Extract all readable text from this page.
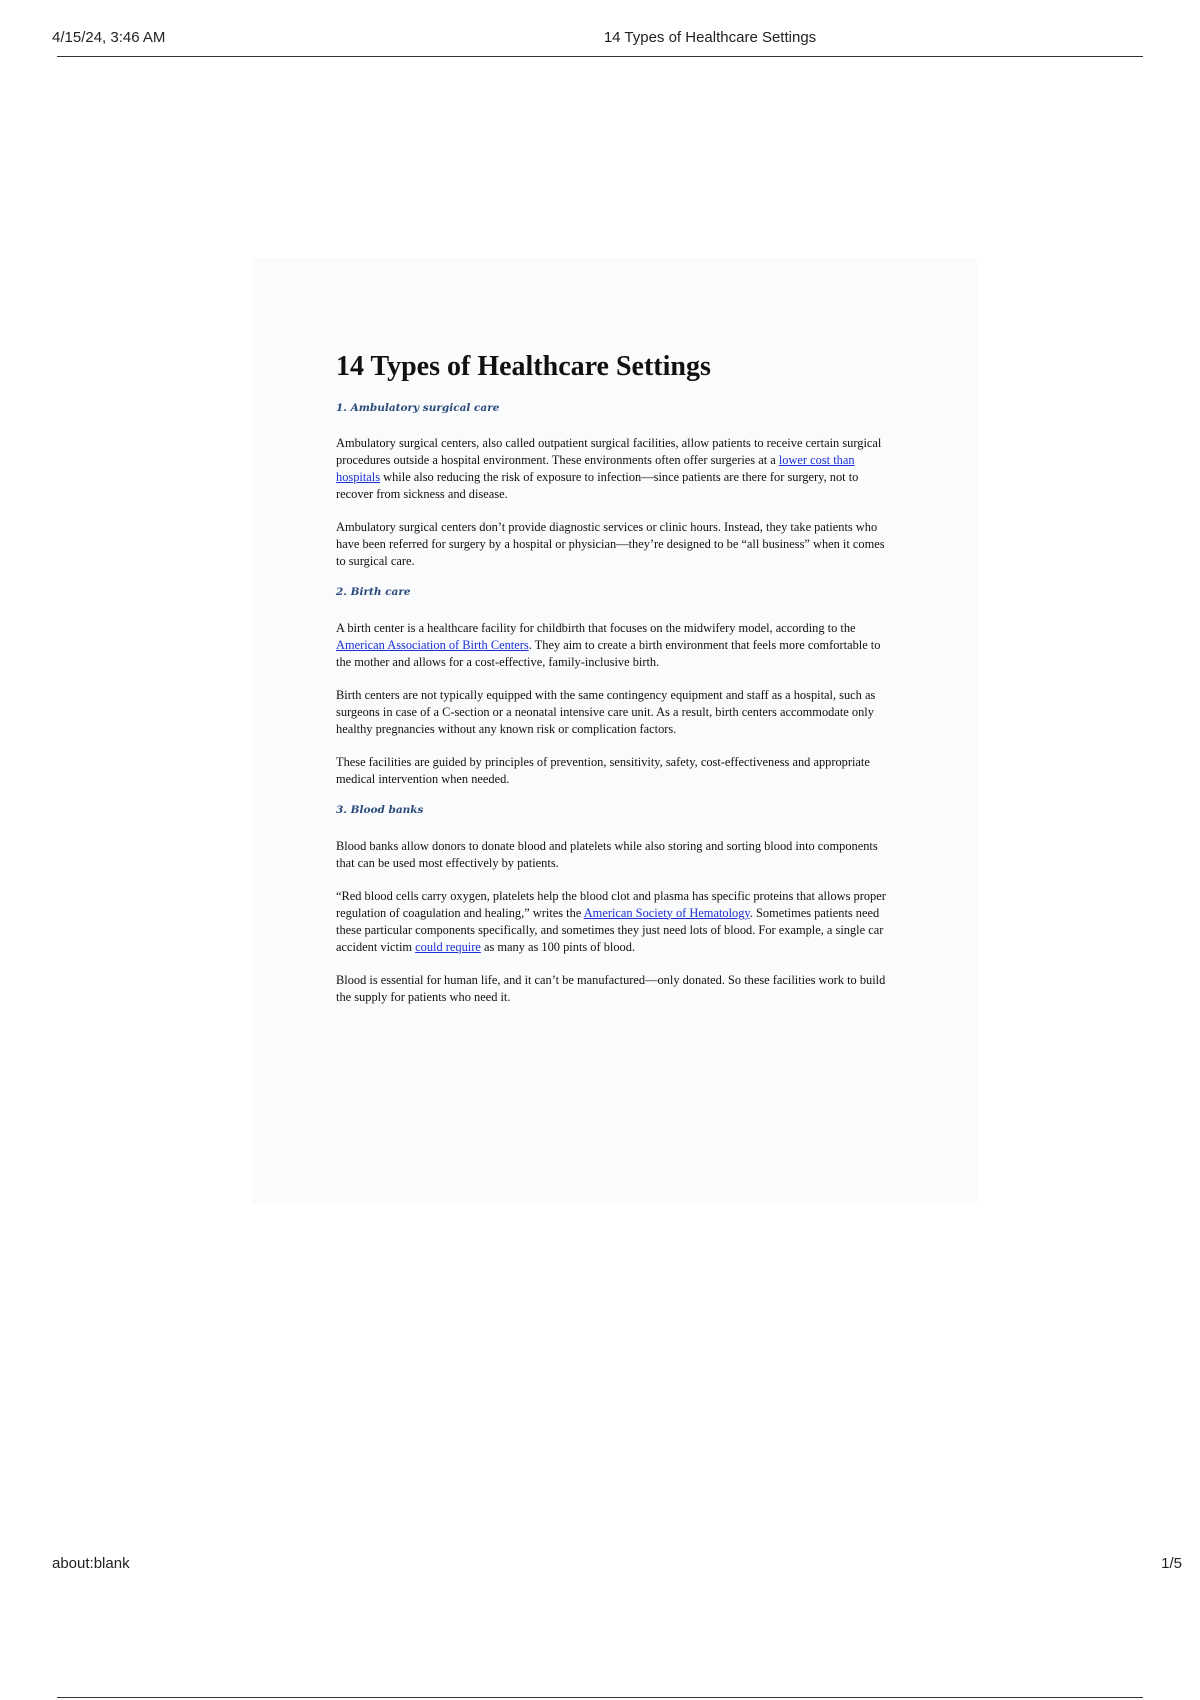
4/15/24, 3:46 AM	14 Types of Healthcare Settings
14 Types of Healthcare Settings
1. Ambulatory surgical care

Ambulatory surgical centers, also called outpatient surgical facilities, allow patients to receive certain surgical procedures outside a hospital environment. These environments often offer surgeries at a lower cost than hospitals while also reducing the risk of exposure to infection—since patients are there for surgery, not to recover from sickness and disease.

Ambulatory surgical centers don’t provide diagnostic services or clinic hours. Instead, they take patients who have been referred for surgery by a hospital or physician—they’re designed to be “all business” when it comes to surgical care.

2. Birth care

A birth center is a healthcare facility for childbirth that focuses on the midwifery model, according to the American Association of Birth Centers. They aim to create a birth environment that feels more comfortable to the mother and allows for a cost-effective, family-inclusive birth.

Birth centers are not typically equipped with the same contingency equipment and staff as a hospital, such as surgeons in case of a C-section or a neonatal intensive care unit. As a result, birth centers accommodate only healthy pregnancies without any known risk or complication factors.

These facilities are guided by principles of prevention, sensitivity, safety, cost-effectiveness and appropriate medical intervention when needed.

3. Blood banks

Blood banks allow donors to donate blood and platelets while also storing and sorting blood into components that can be used most effectively by patients.

“Red blood cells carry oxygen, platelets help the blood clot and plasma has specific proteins that allows proper regulation of coagulation and healing,” writes the American Society of Hematology. Sometimes patients need these particular components specifically, and sometimes they just need lots of blood. For example, a single car accident victim could require as many as 100 pints of blood.

Blood is essential for human life, and it can’t be manufactured—only donated. So these facilities work to build the supply for patients who need it.

about:blank	1/5
